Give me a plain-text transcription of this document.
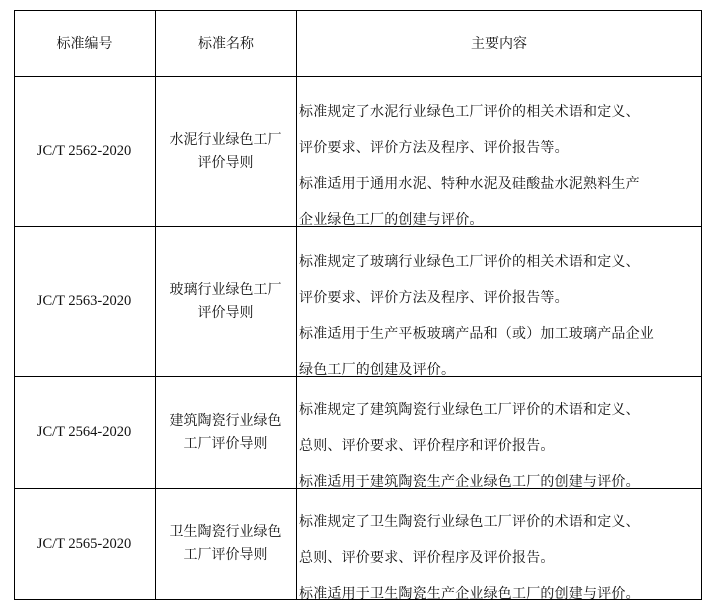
标准编号	标准名称	主要内容
JC/T 2562-2020
水泥行业绿色工厂
评价导则
标准规定了水泥行业绿色工厂评价的相关术语和定义、
评价要求、评价方法及程序、评价报告等。
标准适用于通用水泥、特种水泥及硅酸盐水泥熟料生产
企业绿色工厂的创建与评价。
JC/T 2563-2020
玻璃行业绿色工厂
评价导则
标准规定了玻璃行业绿色工厂评价的相关术语和定义、
评价要求、评价方法及程序、评价报告等。
标准适用于生产平板玻璃产品和（或）加工玻璃产品企业
绿色工厂的创建及评价。
JC/T 2564-2020
建筑陶瓷行业绿色
工厂评价导则
标准规定了建筑陶瓷行业绿色工厂评价的术语和定义、
总则、评价要求、评价程序和评价报告。
标准适用于建筑陶瓷生产企业绿色工厂的创建与评价。
JC/T 2565-2020
卫生陶瓷行业绿色
工厂评价导则
标准规定了卫生陶瓷行业绿色工厂评价的术语和定义、
总则、评价要求、评价程序及评价报告。
标准适用于卫生陶瓷生产企业绿色工厂的创建与评价。
